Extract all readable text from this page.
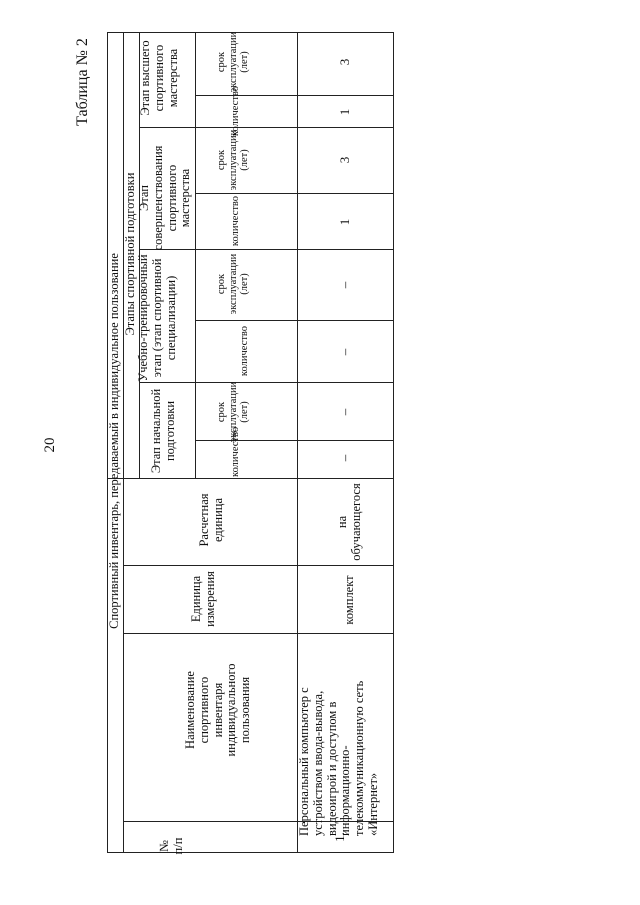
20
Таблица № 2
Спортивный инвентарь, передаваемый в индивидуальное пользование Этапы спортивной подготовки
№ п/п
Наименование спортивного инвентаря индивидуального пользования
Единица измерения
Расчетная единица
Этап начальной подготовки
Учебно-тренировочный этап (этап спортивной специализации)
Этап совершенствования спортивного мастерства
Этап высшего спортивного мастерства
количество
срок эксплуатации (лет)
количество
срок эксплуатации (лет)
количество
срок эксплуатации (лет)
количество
срок эксплуатации (лет)
1.
Персональный компьютер с устройством ввода-вывода, видеоигрой и доступом в информационно-телекоммуникационную сеть «Интернет»
комплект
на обучающегося
–
–
–
–
1
3
1
3
